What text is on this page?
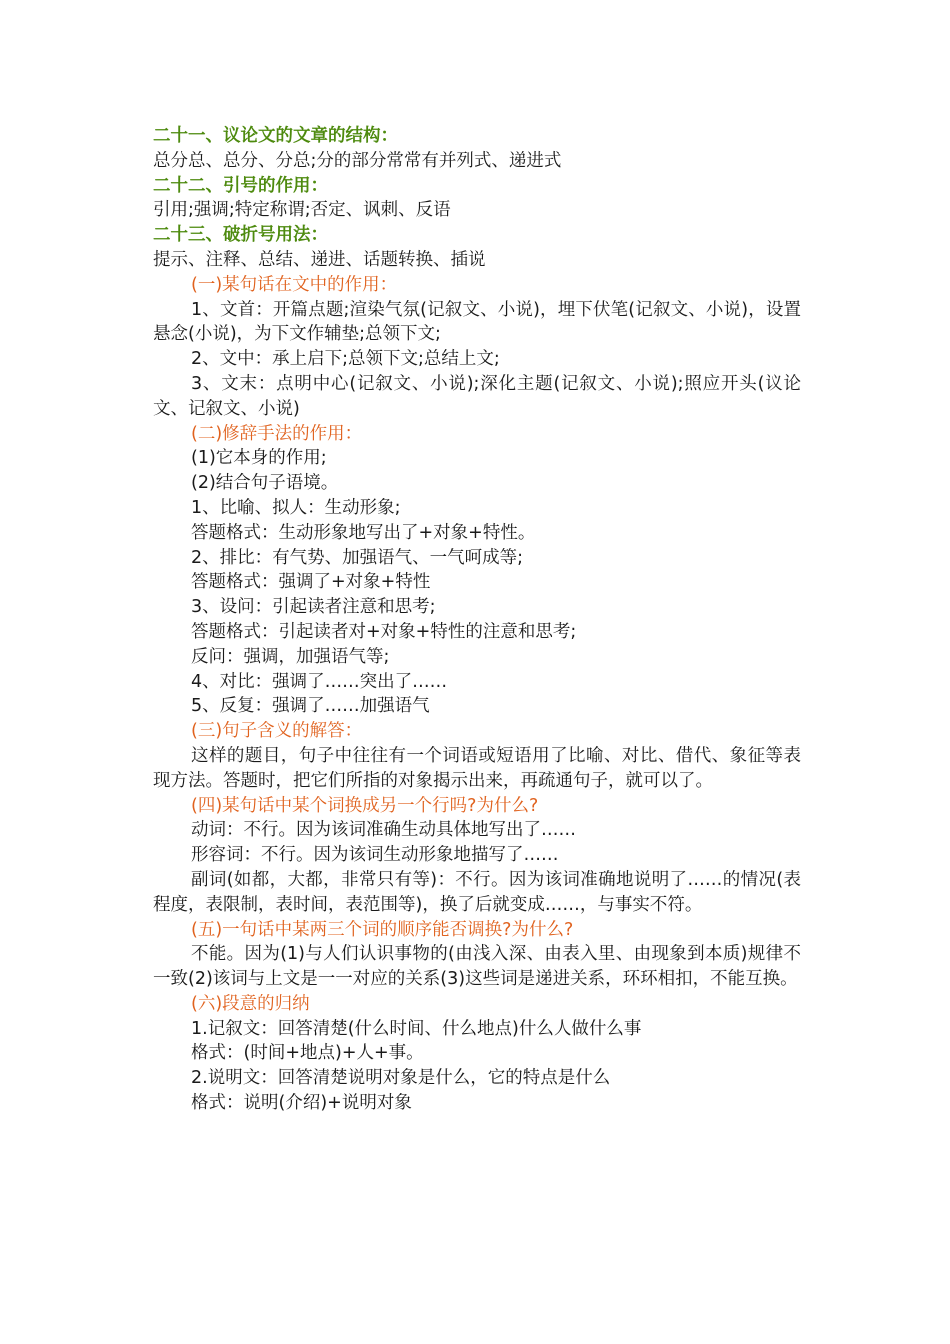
二十一、议论文的文章的结构：
总分总、总分、分总;分的部分常常有并列式、递进式
二十二、引号的作用：
引用;强调;特定称谓;否定、讽刺、反语
二十三、破折号用法：
提示、注释、总结、递进、话题转换、插说
(一)某句话在文中的作用：
1、文首：开篇点题;渲染气氛(记叙文、小说)，埋下伏笔(记叙文、小说)，设置悬念(小说)，为下文作辅垫;总领下文;
2、文中：承上启下;总领下文;总结上文;
3、文末：点明中心(记叙文、小说);深化主题(记叙文、小说);照应开头(议论文、记叙文、小说)
(二)修辞手法的作用：
(1)它本身的作用;
(2)结合句子语境。
1、比喻、拟人：生动形象;
答题格式：生动形象地写出了+对象+特性。
2、排比：有气势、加强语气、一气呵成等;
答题格式：强调了+对象+特性
3、设问：引起读者注意和思考;
答题格式：引起读者对+对象+特性的注意和思考;
反问：强调，加强语气等;
4、对比：强调了……突出了……
5、反复：强调了……加强语气
(三)句子含义的解答：
这样的题目，句子中往往有一个词语或短语用了比喻、对比、借代、象征等表现方法。答题时，把它们所指的对象揭示出来，再疏通句子，就可以了。
(四)某句话中某个词换成另一个行吗?为什么?
动词：不行。因为该词准确生动具体地写出了……
形容词：不行。因为该词生动形象地描写了……
副词(如都，大都，非常只有等)：不行。因为该词准确地说明了……的情况(表程度，表限制，表时间，表范围等)，换了后就变成……，与事实不符。
(五)一句话中某两三个词的顺序能否调换?为什么?
不能。因为(1)与人们认识事物的(由浅入深、由表入里、由现象到本质)规律不一致(2)该词与上文是一一对应的关系(3)这些词是递进关系，环环相扣，不能互换。
(六)段意的归纳
1.记叙文：回答清楚(什么时间、什么地点)什么人做什么事
格式：(时间+地点)+人+事。
2.说明文：回答清楚说明对象是什么，它的特点是什么
格式：说明(介绍)+说明对象
